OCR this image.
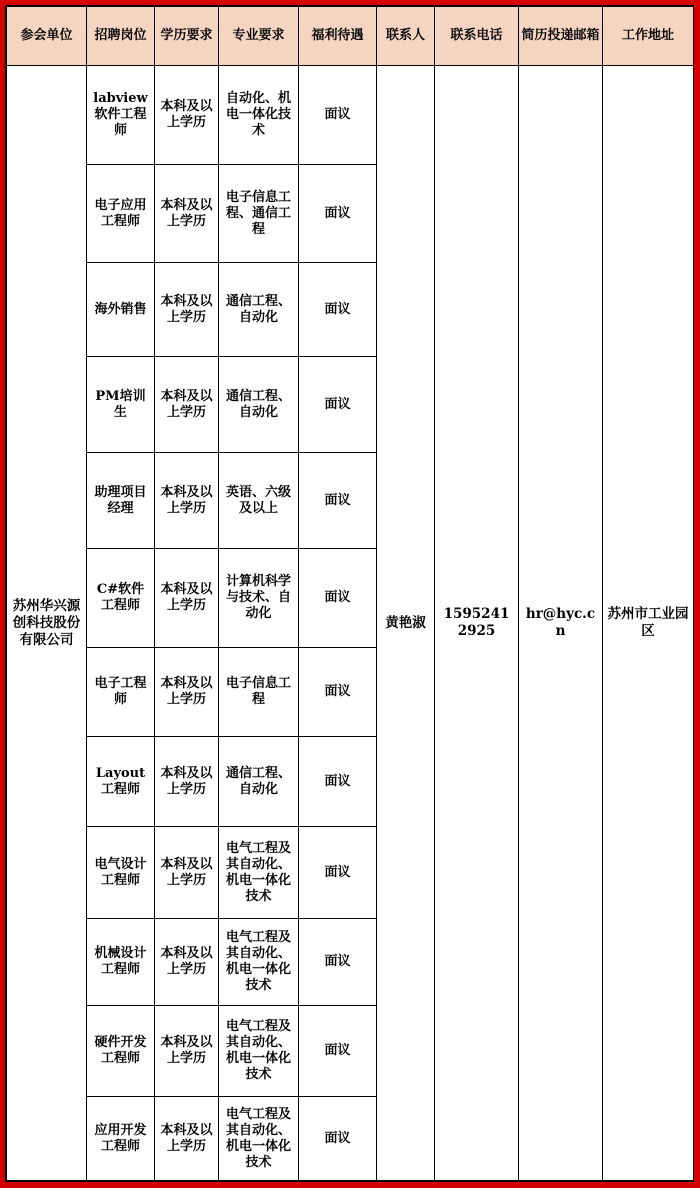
参会单位	招聘岗位	学历要求	专业要求	福利待遇	联系人	联系电话	简历投递邮箱	工作地址
苏州华兴源创科技股份有限公司	labview软件工程师	本科及以上学历	自动化、机电一体化技术	面议	黄艳淑	15952412925	hr@hyc.cn	苏州市工业园区
	电子应用工程师	本科及以上学历	电子信息工程、通信工程	面议				
	海外销售	本科及以上学历	通信工程、自动化	面议				
	PM培训生	本科及以上学历	通信工程、自动化	面议				
	助理项目经理	本科及以上学历	英语、六级及以上	面议				
	C#软件工程师	本科及以上学历	计算机科学与技术、自动化	面议				
	电子工程师	本科及以上学历	电子信息工程	面议				
	Layout工程师	本科及以上学历	通信工程、自动化	面议				
	电气设计工程师	本科及以上学历	电气工程及其自动化、机电一体化技术	面议				
	机械设计工程师	本科及以上学历	电气工程及其自动化、机电一体化技术	面议				
	硬件开发工程师	本科及以上学历	电气工程及其自动化、机电一体化技术	面议				
	应用开发工程师	本科及以上学历	电气工程及其自动化、机电一体化技术	面议				
